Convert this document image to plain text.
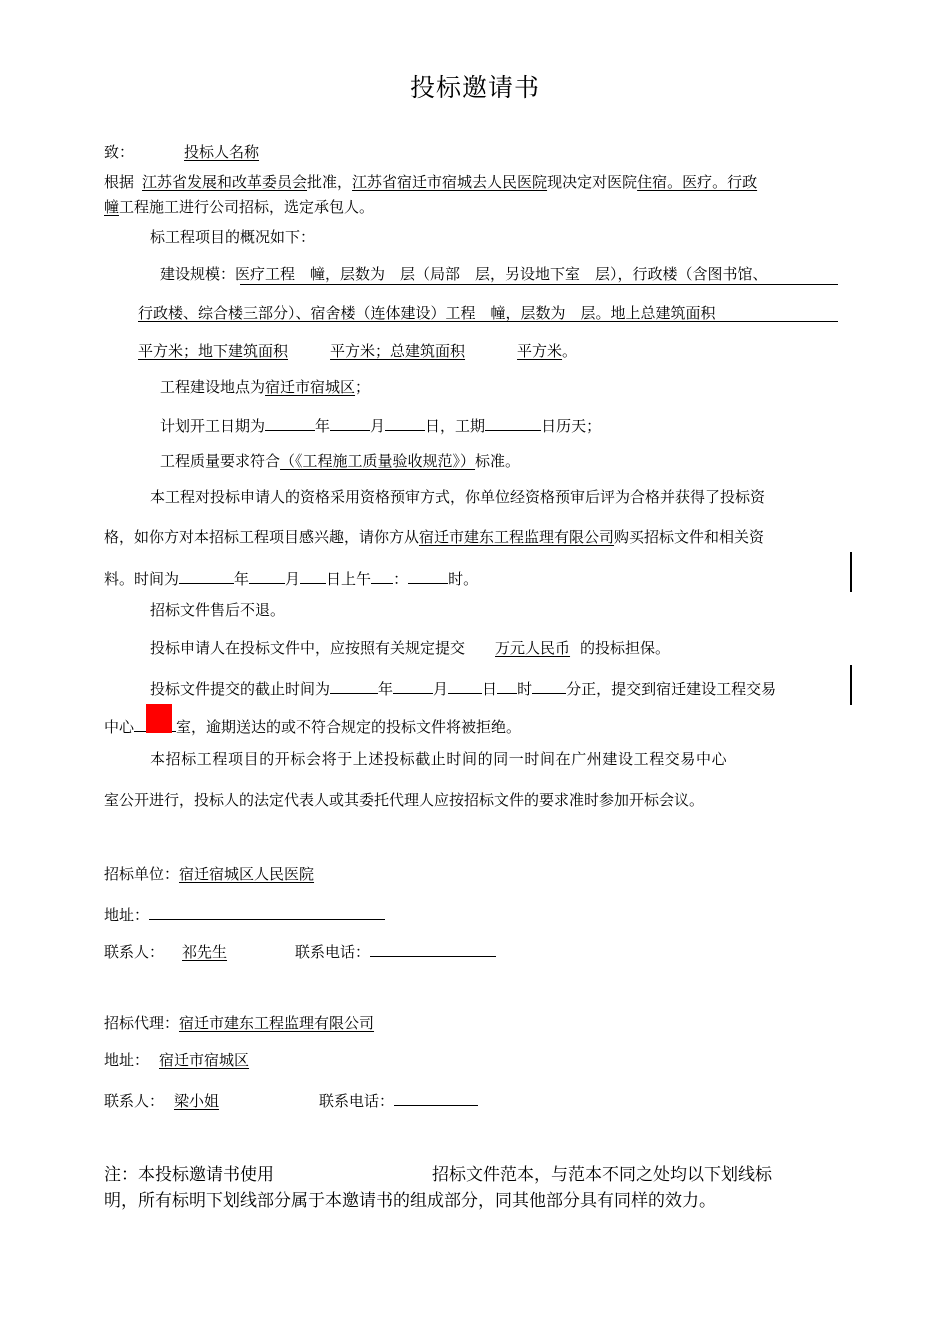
投标邀请书
致：	投标人名称
根据 江苏省发展和改革委员会批准，江苏省宿迁市宿城去人民医院现决定对医院住宿。医疗。行政
幢工程施工进行公司招标，选定承包人。
标工程项目的概况如下：
建设规模：医疗工程　幢，层数为　层（局部　层，另设地下室　层），行政楼（含图书馆、
行政楼、综合楼三部分）、宿舍楼（连体建设）工程　幢，层数为　层。地上总建筑面积
平方米；地下建筑面积	平方米；总建筑面积	平方米。
工程建设地点为宿迁市宿城区；
计划开工日期为	年	月	日，工期	日历天；
工程质量要求符合（《工程施工质量验收规范》）标准。
本工程对投标申请人的资格采用资格预审方式，你单位经资格预审后评为合格并获得了投标资
格，如你方对本招标工程项目感兴趣，请你方从宿迁市建东工程监理有限公司购买招标文件和相关资
料。时间为	年 月 日上午 ：	时。
招标文件售后不退。
投标申请人在投标文件中，应按照有关规定提交 万元人民币 的投标担保。
投标文件提交的截止时间为	年	月 日 时 分正，提交到宿迁建设工程交易
中心	室，逾期送达的或不符合规定的投标文件将被拒绝。
本招标工程项目的开标会将于上述投标截止时间的同一时间在广州建设工程交易中心
室公开进行，投标人的法定代表人或其委托代理人应按招标文件的要求准时参加开标会议。
招标单位：宿迁宿城区人民医院
地址：
联系人： 祁先生	联系电话：
招标代理：宿迁市建东工程监理有限公司
地址： 宿迁市宿城区
联系人： 梁小姐	联系电话：
注：本投标邀请书使用	招标文件范本，与范本不同之处均以下划线标
明，所有标明下划线部分属于本邀请书的组成部分，同其他部分具有同样的效力。
